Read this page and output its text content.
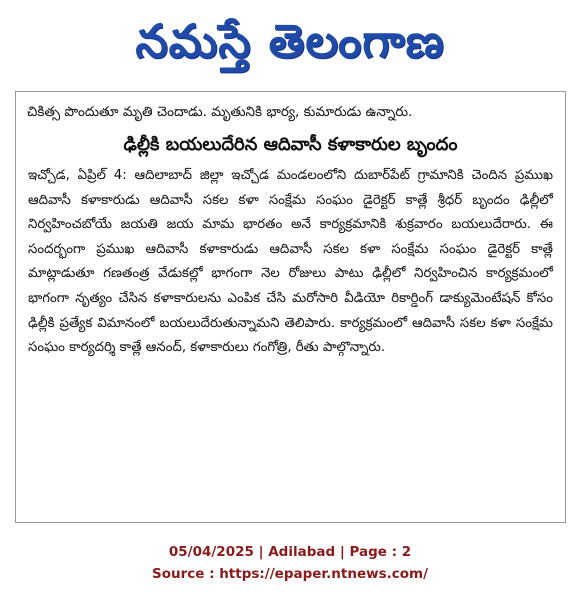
నమస్తే తెలంగాణ
చికిత్స పొందుతూ మృతి చెందాడు. మృతునికి భార్య, కుమారుడు ఉన్నారు.
ఢిల్లీకి బయలుదేరిన ఆదివాసీ కళాకారుల బృందం
ఇచ్చోడ, ఏప్రిల్ 4: ఆదిలాబాద్ జిల్లా ఇచ్చోడ మండలంలోని దుబార్‌పేట్ గ్రామానికి చెందిన ప్రముఖ ఆదివాసీ కళాకారుడు ఆదివాసీ సకల కళా సంక్షేమ సంఘం డైరెక్టర్ కాత్లే శ్రీధర్ బృందం ఢిల్లీలో నిర్వహించబోయే జయతి జయ మామ భారతం అనే కార్యక్రమానికి శుక్రవారం బయలుదేరారు. ఈ సందర్భంగా ప్రముఖ ఆదివాసీ కళాకారుడు ఆదివాసీ సకల కళా సంక్షేమ సంఘం డైరెక్టర్ కాత్లే మాట్లాడుతూ గణతంత్ర వేడుకల్లో భాగంగా నెల రోజులు పాటు ఢిల్లీలో నిర్వహించిన కార్యక్రమంలో భాగంగా నృత్యం చేసిన కళాకారులను ఎంపిక చేసి మరోసారి వీడియో రికార్డింగ్ డాక్యుమెంటేషన్ కోసం ఢిల్లీకి ప్రత్యేక విమానంలో బయలుదేరుతున్నామని తెలిపారు. కార్యక్రమంలో ఆదివాసీ సకల కళా సంక్షేమ సంఘం కార్యదర్శి కాత్లే ఆనంద్, కళాకారులు గంగోత్రి, రీతు పాల్గొన్నారు.
05/04/2025 | Adilabad | Page : 2
Source : https://epaper.ntnews.com/
